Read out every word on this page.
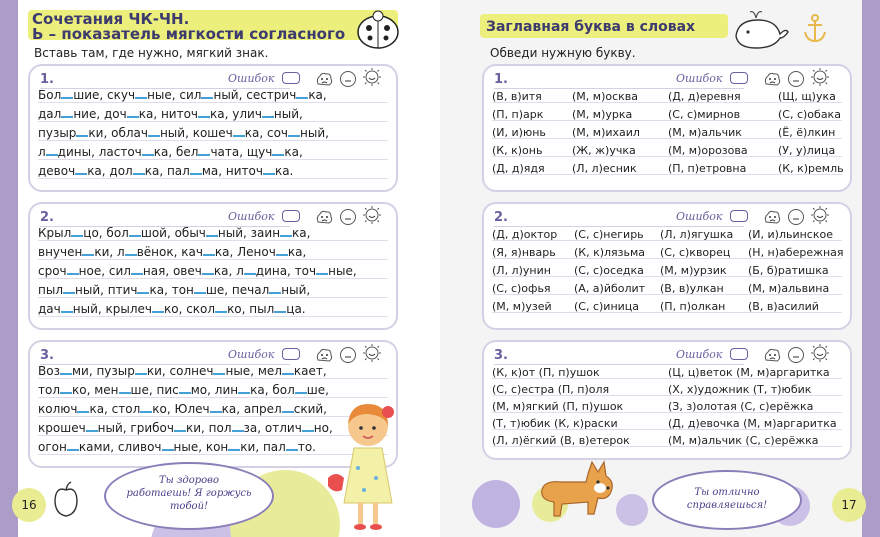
Сочетания ЧК-ЧН.
Ь – показатель мягкости согласного
Вставь там, где нужно, мягкий знак.
1.	Ошибок
Бол шие, скуч ные, сил ный, сестрич ка,
дал ние, доч ка, ниточ ка, улич ный,
пузыр ки, облач ный, кошеч ка, соч ный,
л дины, ласточ ка, бел чата, щуч ка,
девоч ка, дол ка, пал ма, ниточ ка.
2.	Ошибок
Крыл цо, бол шой, обыч ный, заин ка,
внучен ки, л вёнок, кач ка, Леноч ка,
сроч ное, сил ная, овеч ка, л дина, точ ные,
пыл ный, птич ка, тон ше, печал ный,
дач ный, крылеч ко, скол ко, пыл ца.
3.	Ошибок
Воз ми, пузыр ки, солнеч ные, мел кает,
тол ко, мен ше, пис мо, лин ка, бол ше,
колюч ка, стол ко, Юлеч ка, апрел ский,
крошеч ный, грибоч ки, пол за, отлич но,
огон ками, сливоч ные, кон ки, пал то.
16
Ты здорово работаешь! Я горжусь тобой!
Заглавная буква в словах
Обведи нужную букву.
1.	Ошибок
(В, в)итя	(М, м)осква	(Д, д)еревня	(Щ, щ)ука
(П, п)арк	(М, м)урка	(С, с)мирнов	(С, с)обака
(И, и)юнь (М, м)ихаил	(М, м)альчик	(Ё, ё)лкин
(К, к)онь	(Ж, ж)учка	(М, м)орозова	(У, у)лица
(Д, д)ядя (Л, л)есник	(П, п)етровна	(К, к)ремль
2.	Ошибок
(Д, д)октор (С, с)негирь (Л, л)ягушка (И, и)льинское
(Я, я)нварь (К, к)лязьма (С, с)кворец (Н, н)абережная
(Л, л)унин (С, с)оседка (М, м)урзик (Б, б)ратишка
(С, с)офья (А, а)йболит (В, в)улкан (М, м)альвина
(М, м)узей (С, с)иница (П, п)олкан (В, в)асилий
3.	Ошибок
(К, к)от (П, п)ушок	(Ц, ц)веток (М, м)аргаритка
(С, с)естра (П, п)оля	(Х, х)удожник (Т, т)юбик
(М, м)ягкий (П, п)ушок	(З, з)олотая (С, с)ерёжка
(Т, т)юбик (К, к)раски	(Д, д)евочка (М, м)аргаритка
(Л, л)ёгкий (В, в)етерок	(М, м)альчик (С, с)ерёжка
Ты отлично справляешься!	17
